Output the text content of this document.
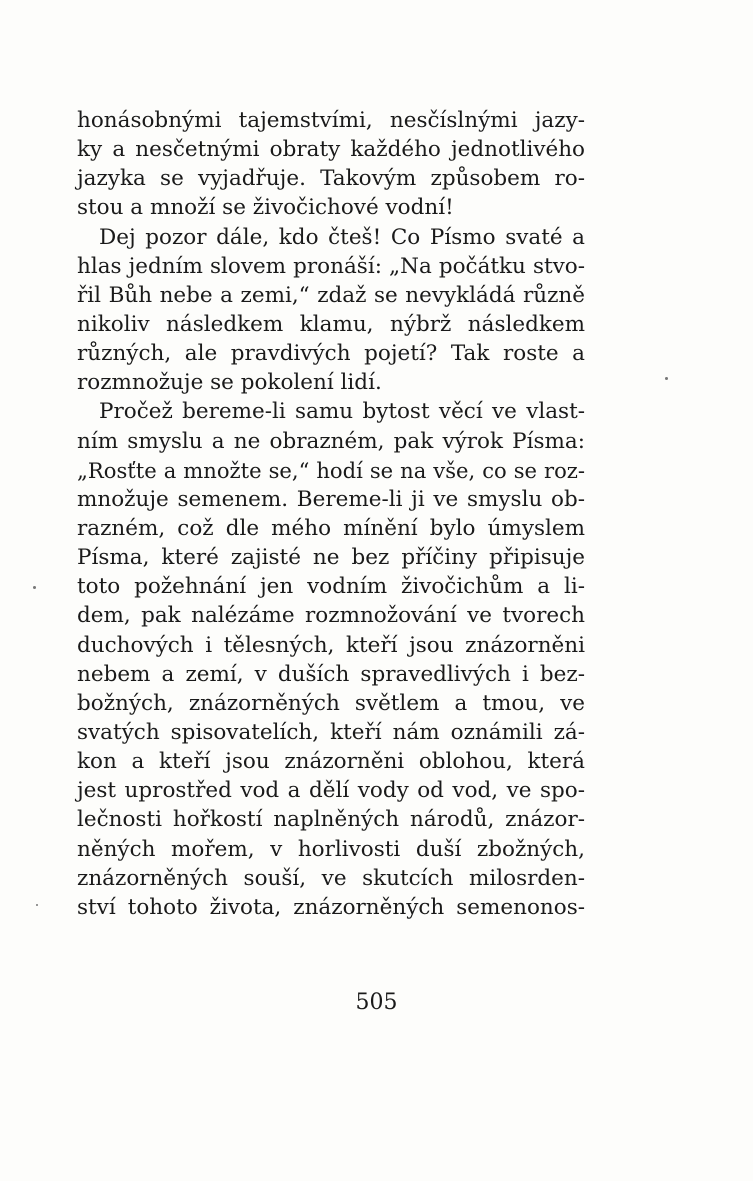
honásobnými tajemstvími, nesčíslnými jazy-
ky a nesčetnými obraty každého jednotlivého
jazyka se vyjadřuje. Takovým způsobem ro-
stou a množí se živočichové vodní!
Dej pozor dále, kdo čteš! Co Písmo svaté a
hlas jedním slovem pronáší: „Na počátku stvo-
řil Bůh nebe a zemi,“ zdaž se nevykládá různě
nikoliv následkem klamu, nýbrž následkem
různých, ale pravdivých pojetí? Tak roste a
rozmnožuje se pokolení lidí.
Pročež bereme-li samu bytost věcí ve vlast-
ním smyslu a ne obrazném, pak výrok Písma:
„Rosťte a množte se,“ hodí se na vše, co se roz-
množuje semenem. Bereme-li ji ve smyslu ob-
razném, což dle mého mínění bylo úmyslem
Písma, které zajisté ne bez příčiny připisuje
toto požehnání jen vodním živočichům a li-
dem, pak nalézáme rozmnožování ve tvorech
duchových i tělesných, kteří jsou znázorněni
nebem a zemí, v duších spravedlivých i bez-
božných, znázorněných světlem a tmou, ve
svatých spisovatelích, kteří nám oznámili zá-
kon a kteří jsou znázorněni oblohou, která
jest uprostřed vod a dělí vody od vod, ve spo-
lečnosti hořkostí naplněných národů, znázor-
něných mořem, v horlivosti duší zbožných,
znázorněných souší, ve skutcích milosrden-
ství tohoto života, znázorněných semenonos-
505
